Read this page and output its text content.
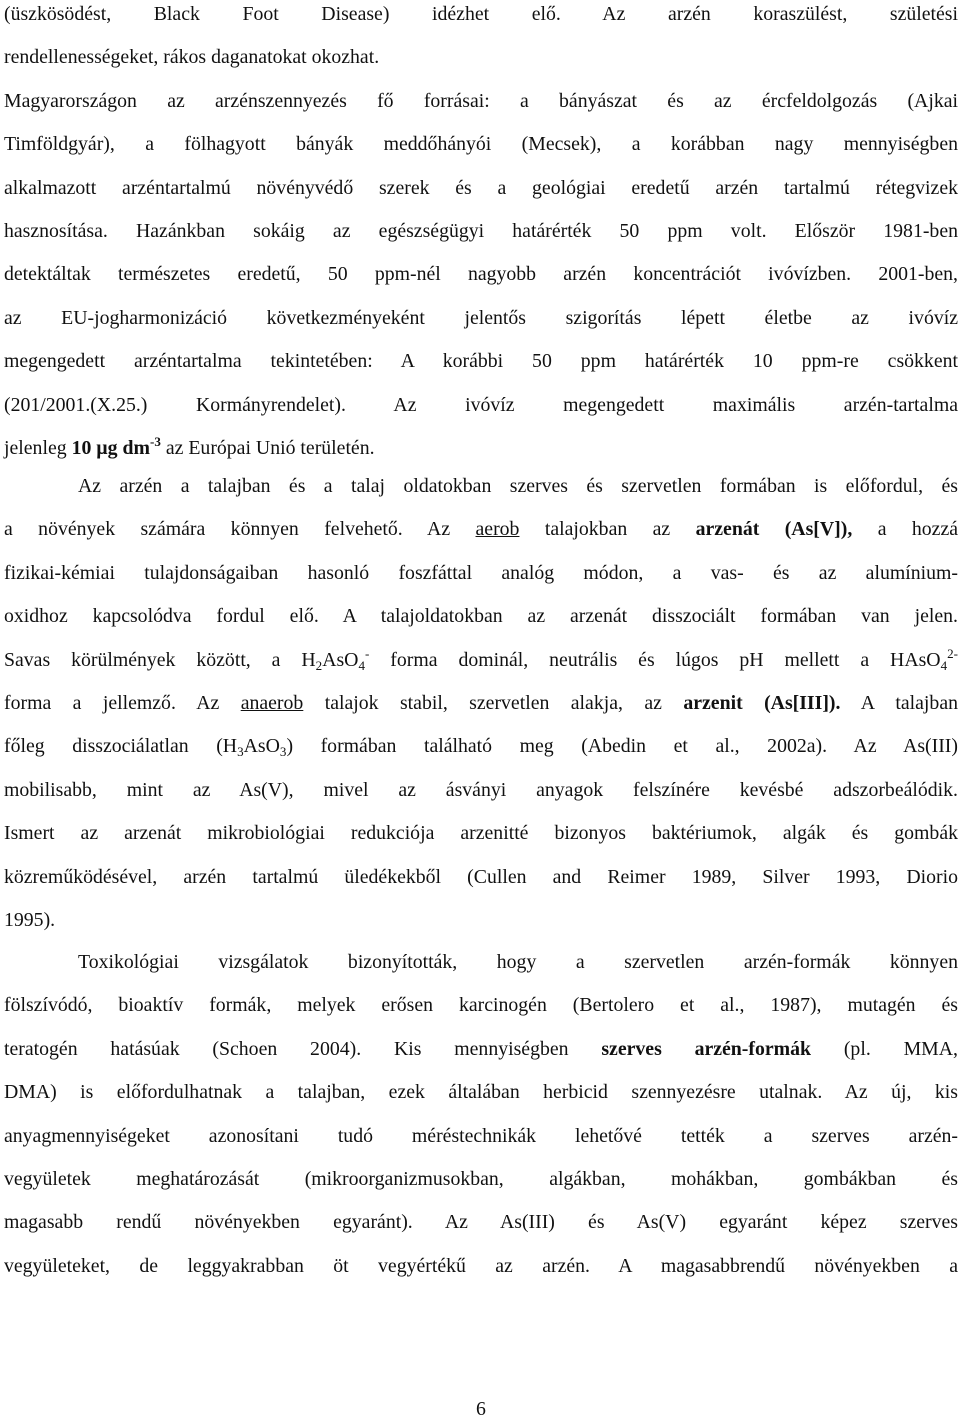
(üszkösödést, Black Foot Disease) idézhet elő. Az arzén koraszülést, születési
rendellenességeket, rákos daganatokat okozhat.
Magyarországon az arzénszennyezés fő forrásai: a bányászat és az ércfeldolgozás (Ajkai
Timföldgyár), a fölhagyott bányák meddőhányói (Mecsek), a korábban nagy mennyiségben
alkalmazott arzéntartalmú növényvédő szerek és a geológiai eredetű arzén tartalmú rétegvizek
hasznosítása. Hazánkban sokáig az egészségügyi határérték 50 ppm volt. Először 1981-ben
detektáltak természetes eredetű, 50 ppm-nél nagyobb arzén koncentrációt ivóvízben. 2001-ben,
az EU-jogharmonizáció következményeként jelentős szigorítás lépett életbe az ivóvíz
megengedett arzéntartalma tekintetében: A korábbi 50 ppm határérték 10 ppm-re csökkent
(201/2001.(X.25.) Kormányrendelet). Az ivóvíz megengedett maximális arzén-tartalma
jelenleg 10 µg $dm^{-3}$ az Európai Unió területén.
Az arzén a talajban és a talaj oldatokban szerves és szervetlen formában is előfordul, és
a növények számára könnyen felvehető. Az aerob talajokban az arzenát (As[V]), a hozzá
fizikai-kémiai tulajdonságaiban hasonló foszfáttal analóg módon, a vas- és az alumínium-
oxidhoz kapcsolódva fordul elő. A talajoldatokban az arzenát disszociált formában van jelen.
Savas körülmények között, a $H_2AsO_4^-$ forma dominál, neutrális és lúgos pH mellett a HAsO$_4^{2-}$
forma a jellemző. Az anaerob talajok stabil, szervetlen alakja, az arzenit (As[III]). A talajban
főleg disszociálatlan $(H_3AsO_3)$ formában található meg (Abedin et al., 2002a). Az As(III)
mobilisabb, mint az As(V), mivel az ásványi anyagok felszínére kevésbé adszorbeálódik.
Ismert az arzenát mikrobiológiai redukciója arzenitté bizonyos baktériumok, algák és gombák
közreműködésével, arzén tartalmú üledékekből (Cullen and Reimer 1989, Silver 1993, Diorio
1995).
Toxikológiai vizsgálatok bizonyították, hogy a szervetlen arzén-formák könnyen
fölszívódó, bioaktív formák, melyek erősen karcinogén (Bertolero et al., 1987), mutagén és
teratogén hatásúak (Schoen 2004). Kis mennyiségben szerves arzén-formák (pl. MMA,
DMA) is előfordulhatnak a talajban, ezek általában herbicid szennyezésre utalnak. Az új, kis
anyagmennyiségeket azonosítani tudó méréstechnikák lehetővé tették a szerves arzén-
vegyületek meghatározását (mikroorganizmusokban, algákban, mohákban, gombákban és
magasabb rendű növényekben egyaránt). Az As(III) és As(V) egyaránt képez szerves
vegyületeket, de leggyakrabban öt vegyértékű az arzén. A magasabbrendű növényekben a
6
